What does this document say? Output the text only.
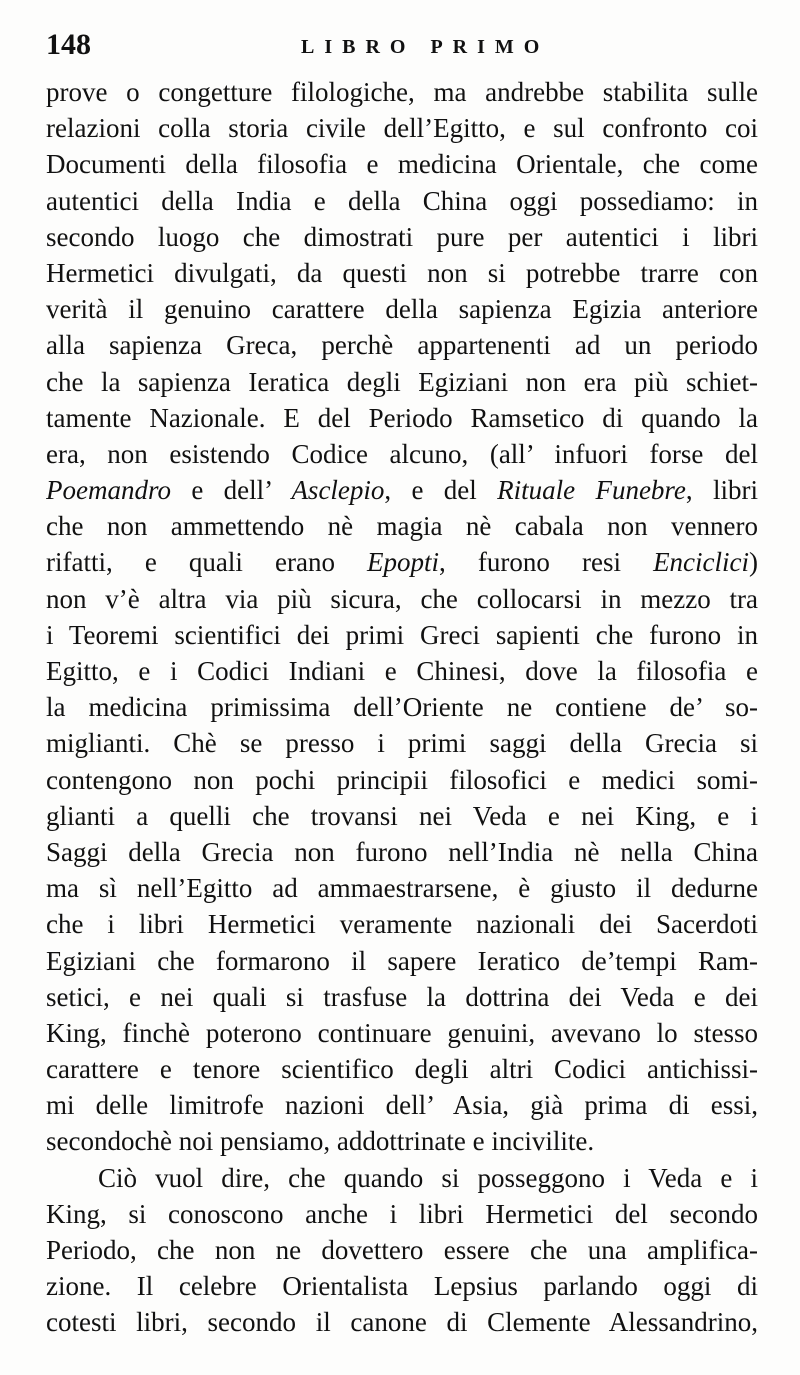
148	LIBRO PRIMO
prove o congetture filologiche, ma andrebbe stabilita sulle
relazioni colla storia civile dell’Egitto, e sul confronto coi
Documenti della filosofia e medicina Orientale, che come
autentici della India e della China oggi possediamo: in
secondo luogo che dimostrati pure per autentici i libri
Hermetici divulgati, da questi non si potrebbe trarre con
verità il genuino carattere della sapienza Egizia anteriore
alla sapienza Greca, perchè appartenenti ad un periodo
che la sapienza Ieratica degli Egiziani non era più schiet-
tamente Nazionale. E del Periodo Ramsetico di quando la
era, non esistendo Codice alcuno, (all’ infuori forse del
Poemandro e dell’ Asclepio, e del Rituale Funebre, libri
che non ammettendo nè magia nè cabala non vennero
rifatti, e quali erano Epopti, furono resi Enciclici)
non v’è altra via più sicura, che collocarsi in mezzo tra
i Teoremi scientifici dei primi Greci sapienti che furono in
Egitto, e i Codici Indiani e Chinesi, dove la filosofia e
la medicina primissima dell’Oriente ne contiene de’ so-
miglianti. Chè se presso i primi saggi della Grecia si
contengono non pochi principii filosofici e medici somi-
glianti a quelli che trovansi nei Veda e nei King, e i
Saggi della Grecia non furono nell’India nè nella China
ma sì nell’Egitto ad ammaestrarsene, è giusto il dedurne
che i libri Hermetici veramente nazionali dei Sacerdoti
Egiziani che formarono il sapere Ieratico de’tempi Ram-
setici, e nei quali si trasfuse la dottrina dei Veda e dei
King, finchè poterono continuare genuini, avevano lo stesso
carattere e tenore scientifico degli altri Codici antichissi-
mi delle limitrofe nazioni dell’ Asia, già prima di essi,
secondochè noi pensiamo, addottrinate e incivilite.
Ciò vuol dire, che quando si posseggono i Veda e i
King, si conoscono anche i libri Hermetici del secondo
Periodo, che non ne dovettero essere che una amplifica-
zione. Il celebre Orientalista Lepsius parlando oggi di
cotesti libri, secondo il canone di Clemente Alessandrino,
